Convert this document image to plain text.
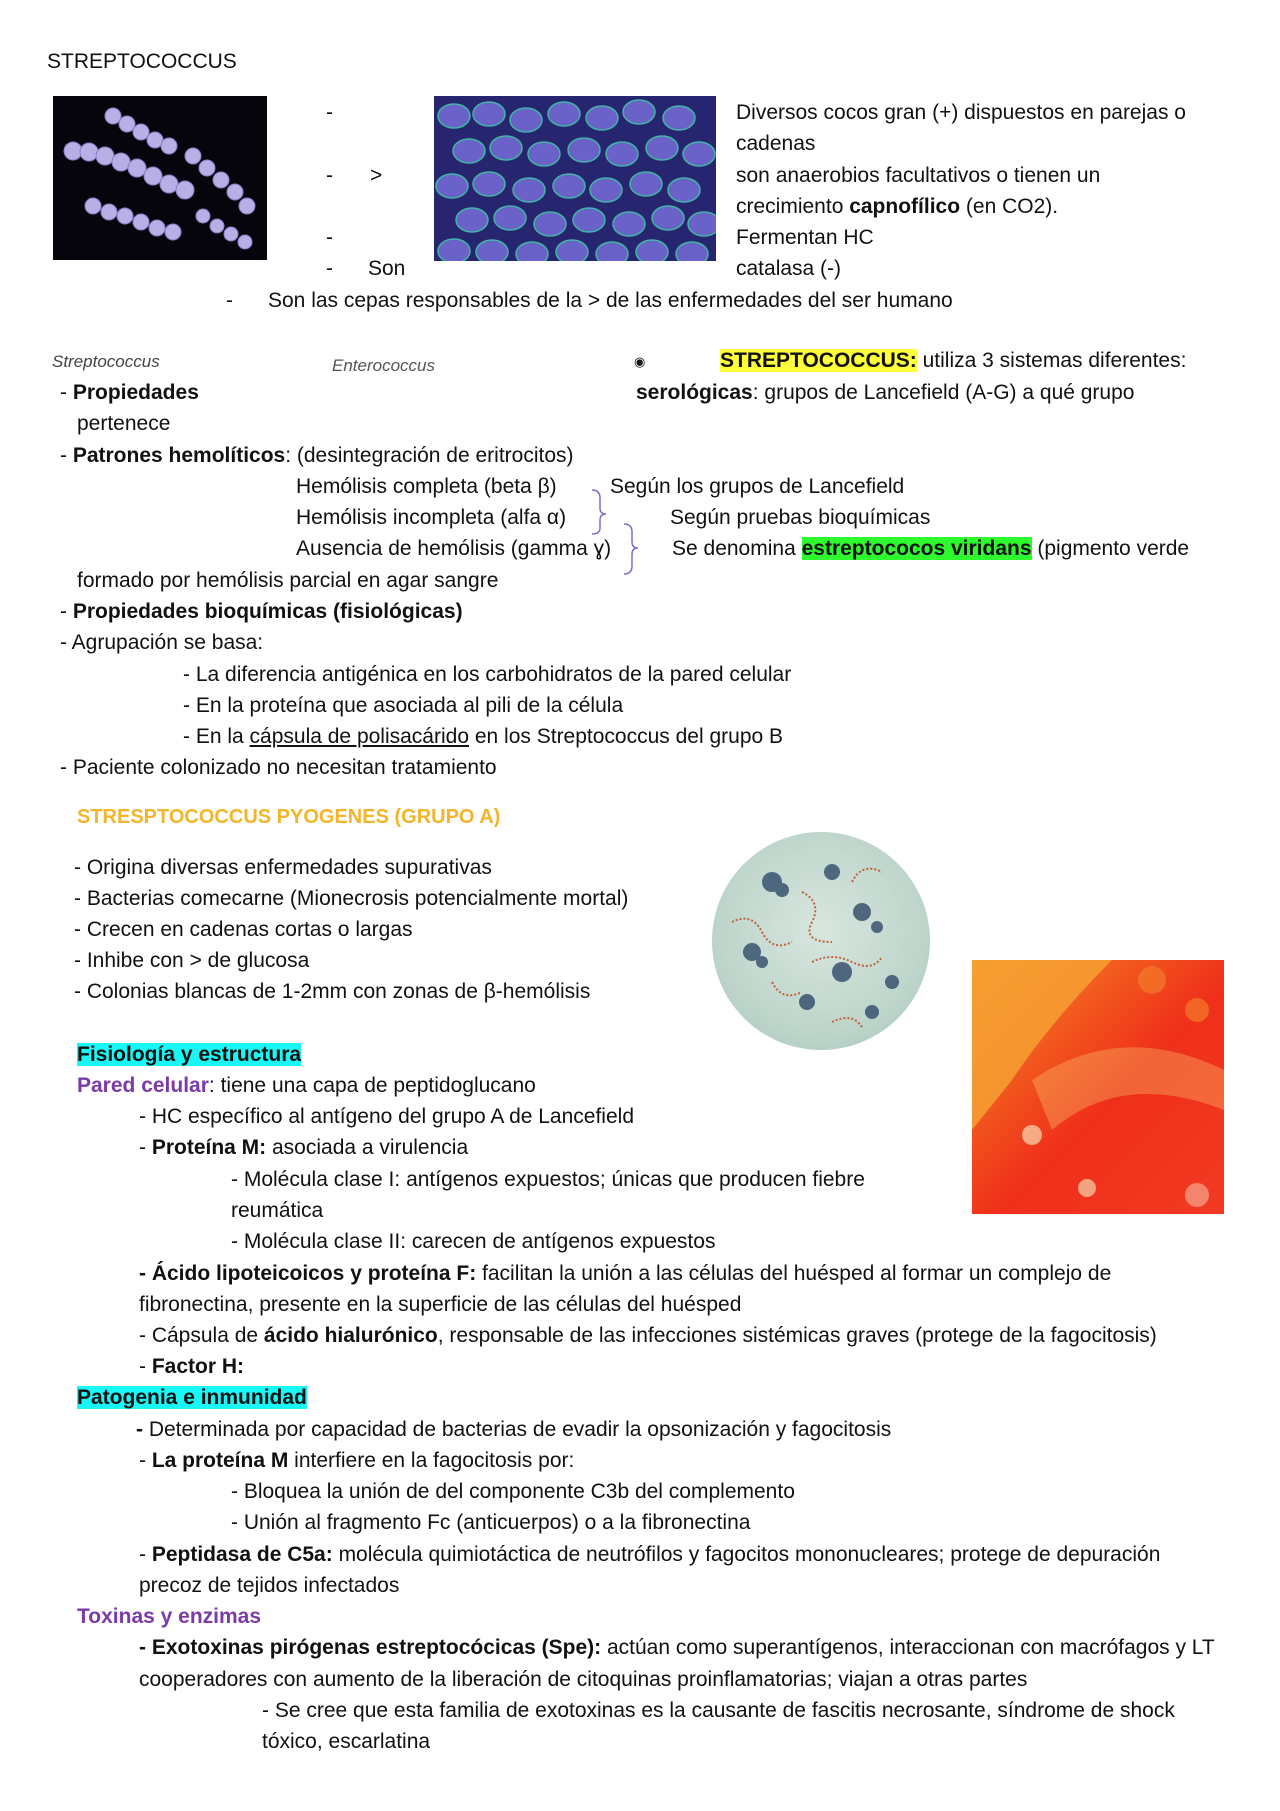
STREPTOCOCCUS
-
- >
-
- Son
Diversos cocos gran (+) dispuestos en parejas o
cadenas
son anaerobios facultativos o tienen un
crecimiento capnofílico (en CO2).
Fermentan HC
catalasa (-)
- Son las cepas responsables de la > de las enfermedades del ser humano
Streptococcus	Enterococcus	◉	STREPTOCOCCUS: utiliza 3 sistemas diferentes:
serológicas: grupos de Lancefield (A-G) a qué grupo
- Propiedades
pertenece
- Patrones hemolíticos: (desintegración de eritrocitos)
Hemólisis completa (beta β)
Hemólisis incompleta (alfa α)
Ausencia de hemólisis (gamma ɣ)
Según los grupos de Lancefield
Según pruebas bioquímicas
Se denomina estreptococos viridans (pigmento verde
formado por hemólisis parcial en agar sangre
- Propiedades bioquímicas (fisiológicas)
- Agrupación se basa:
- La diferencia antigénica en los carbohidratos de la pared celular
- En la proteína que asociada al pili de la célula
- En la cápsula de polisacárido en los Streptococcus del grupo B
- Paciente colonizado no necesitan tratamiento
STRESPTOCOCCUS PYOGENES (GRUPO A)
- Origina diversas enfermedades supurativas
- Bacterias comecarne (Mionecrosis potencialmente mortal)
- Crecen en cadenas cortas o largas
- Inhibe con > de glucosa
- Colonias blancas de 1-2mm con zonas de β-hemólisis
Fisiología y estructura
Pared celular: tiene una capa de peptidoglucano
- HC específico al antígeno del grupo A de Lancefield
- Proteína M: asociada a virulencia
- Molécula clase I: antígenos expuestos; únicas que producen fiebre
reumática
- Molécula clase II: carecen de antígenos expuestos
- Ácido lipoteicoicos y proteína F: facilitan la unión a las células del huésped al formar un complejo de
fibronectina, presente en la superficie de las células del huésped
- Cápsula de ácido hialurónico, responsable de las infecciones sistémicas graves (protege de la fagocitosis)
- Factor H:
Patogenia e inmunidad
- Determinada por capacidad de bacterias de evadir la opsonización y fagocitosis
- La proteína M interfiere en la fagocitosis por:
- Bloquea la unión de del componente C3b del complemento
- Unión al fragmento Fc (anticuerpos) o a la fibronectina
- Peptidasa de C5a: molécula quimiotáctica de neutrófilos y fagocitos mononucleares; protege de depuración
precoz de tejidos infectados
Toxinas y enzimas
- Exotoxinas pirógenas estreptocócicas (Spe): actúan como superantígenos, interaccionan con macrófagos y LT
cooperadores con aumento de la liberación de citoquinas proinflamatorias; viajan a otras partes
- Se cree que esta familia de exotoxinas es la causante de fascitis necrosante, síndrome de shock
tóxico, escarlatina
